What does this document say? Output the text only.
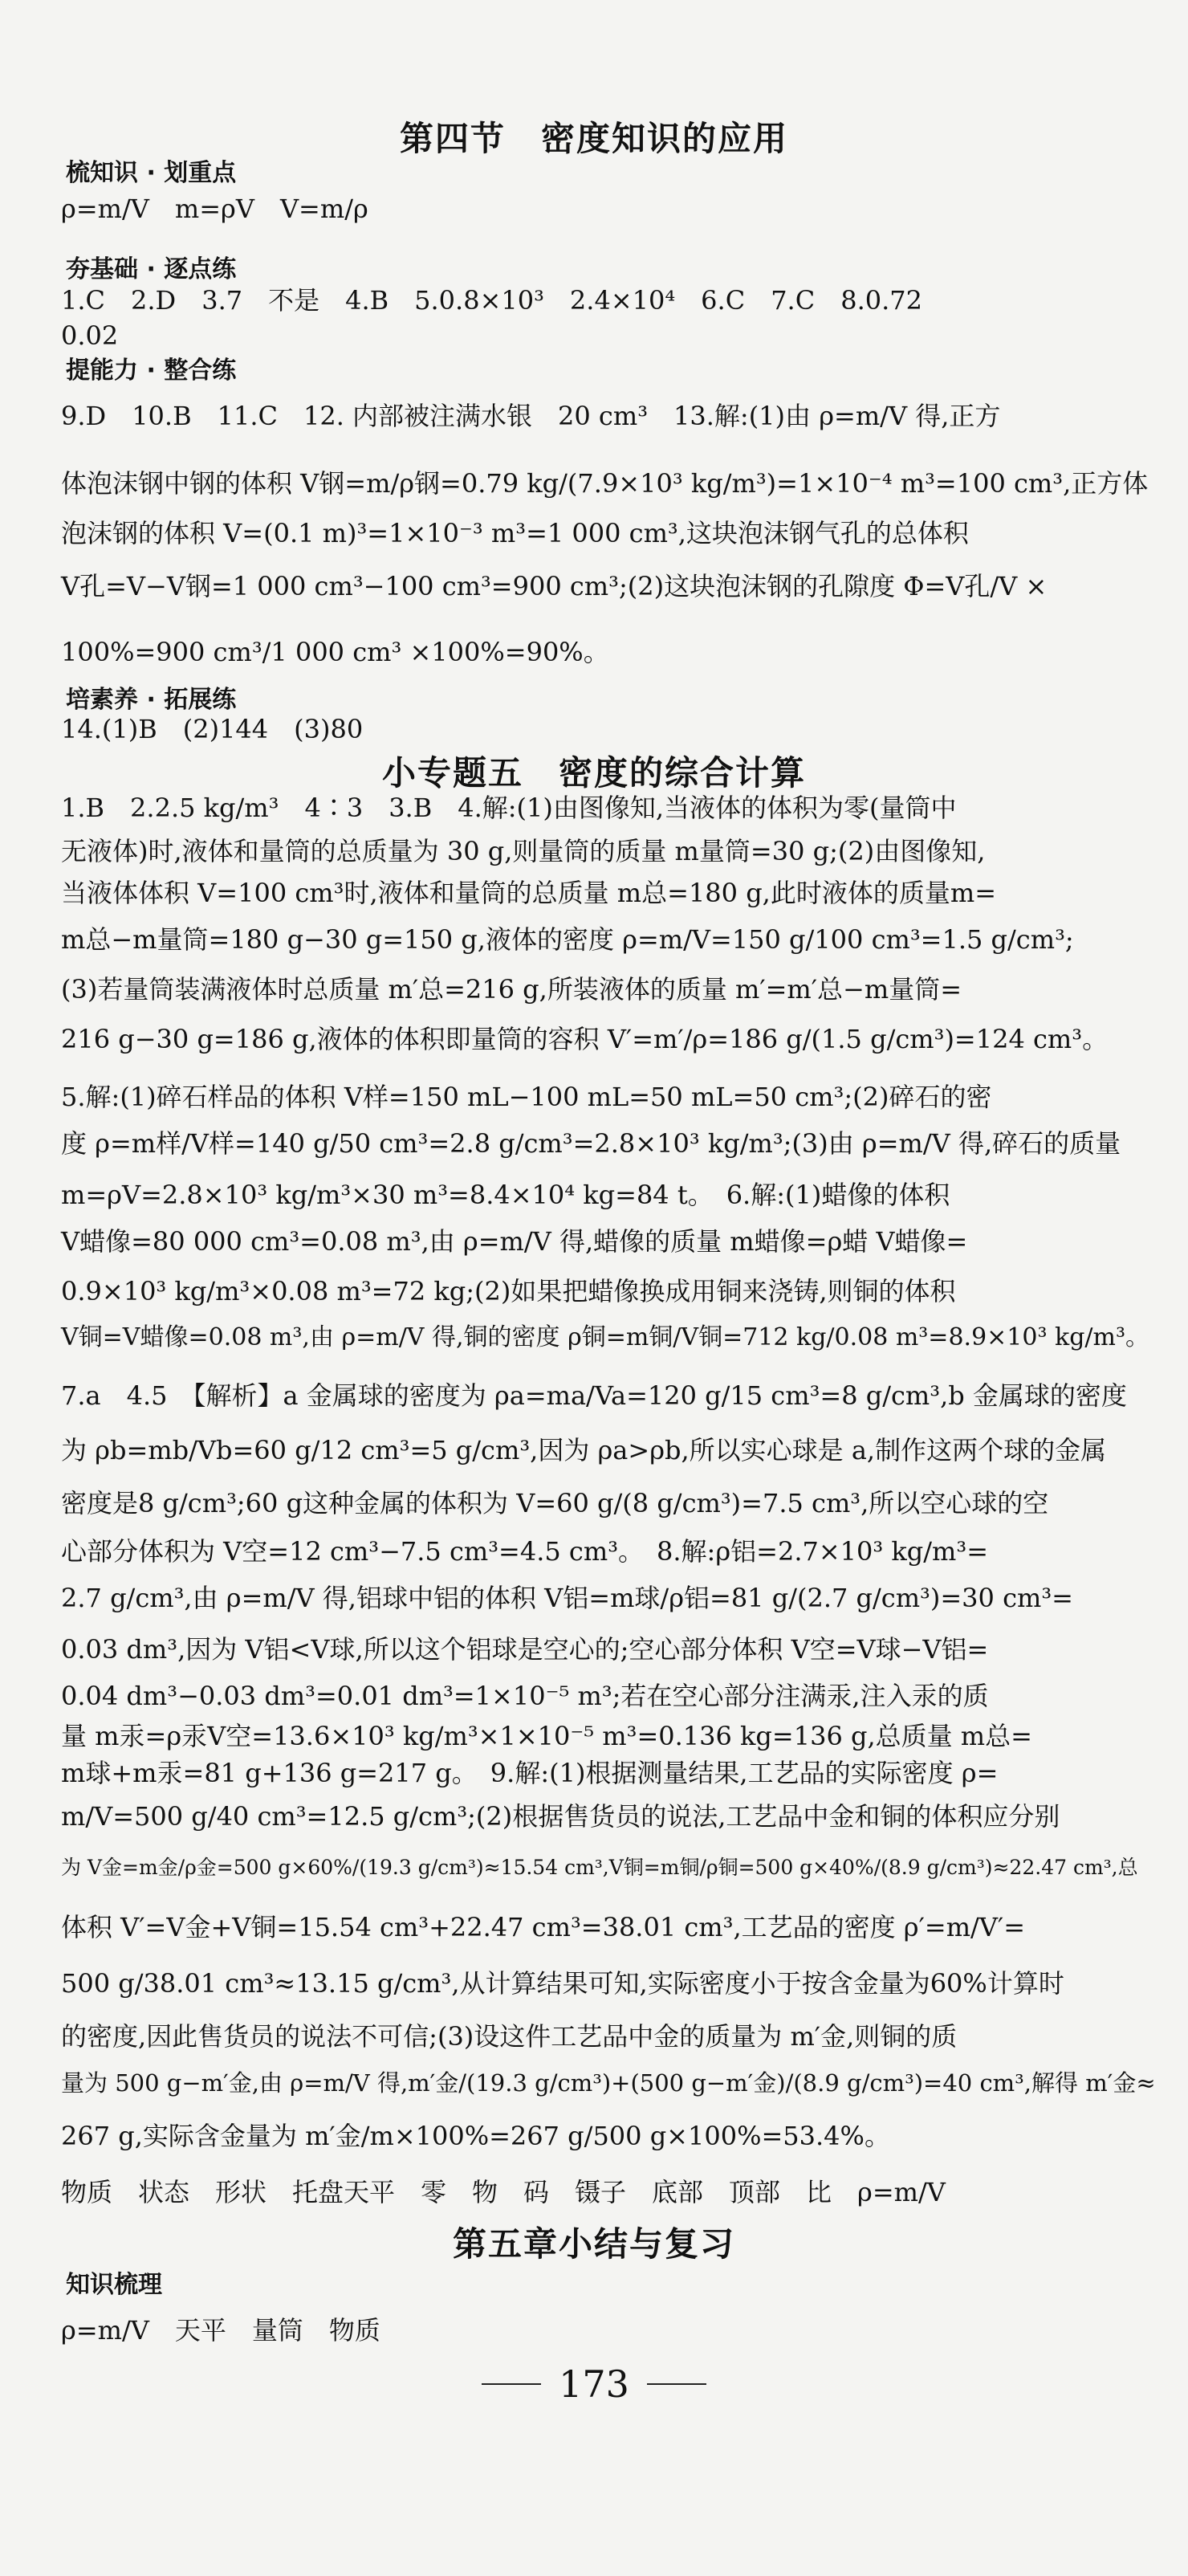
第四节　密度知识的应用
梳知识 · 划重点
ρ=m/V　m=ρV　V=m/ρ
夯基础 · 逐点练
1.C　2.D　3.7　不是　4.B　5.0.8×10³　2.4×10⁴　6.C　7.C　8.0.72
0.02
提能力 · 整合练
9.D　10.B　11.C　12. 内部被注满水银　20 cm³　13.解:(1)由 ρ=m/V 得,正方
体泡沫钢中钢的体积 V钢=m/ρ钢=0.79 kg/(7.9×10³ kg/m³)=1×10⁻⁴ m³=100 cm³,正方体
泡沫钢的体积 V=(0.1 m)³=1×10⁻³ m³=1 000 cm³,这块泡沫钢气孔的总体积
V孔=V−V钢=1 000 cm³−100 cm³=900 cm³;(2)这块泡沫钢的孔隙度 Φ=V孔/V ×
100%=900 cm³/1 000 cm³ ×100%=90%。
培素养 · 拓展练
14.(1)B　(2)144　(3)80
小专题五　密度的综合计算
1.B　2.2.5 kg/m³　4∶3　3.B　4.解:(1)由图像知,当液体的体积为零(量筒中
无液体)时,液体和量筒的总质量为 30 g,则量筒的质量 m量筒=30 g;(2)由图像知,
当液体体积 V=100 cm³时,液体和量筒的总质量 m总=180 g,此时液体的质量m=
m总−m量筒=180 g−30 g=150 g,液体的密度 ρ=m/V=150 g/100 cm³=1.5 g/cm³;
(3)若量筒装满液体时总质量 m′总=216 g,所装液体的质量 m′=m′总−m量筒=
216 g−30 g=186 g,液体的体积即量筒的容积 V′=m′/ρ=186 g/(1.5 g/cm³)=124 cm³。
5.解:(1)碎石样品的体积 V样=150 mL−100 mL=50 mL=50 cm³;(2)碎石的密
度 ρ=m样/V样=140 g/50 cm³=2.8 g/cm³=2.8×10³ kg/m³;(3)由 ρ=m/V 得,碎石的质量
m=ρV=2.8×10³ kg/m³×30 m³=8.4×10⁴ kg=84 t。　6.解:(1)蜡像的体积
V蜡像=80 000 cm³=0.08 m³,由 ρ=m/V 得,蜡像的质量 m蜡像=ρ蜡 V蜡像=
0.9×10³ kg/m³×0.08 m³=72 kg;(2)如果把蜡像换成用铜来浇铸,则铜的体积
V铜=V蜡像=0.08 m³,由 ρ=m/V 得,铜的密度 ρ铜=m铜/V铜=712 kg/0.08 m³=8.9×10³ kg/m³。
7.a　4.5　【解析】a 金属球的密度为 ρa=ma/Va=120 g/15 cm³=8 g/cm³,b 金属球的密度
为 ρb=mb/Vb=60 g/12 cm³=5 g/cm³,因为 ρa>ρb,所以实心球是 a,制作这两个球的金属
密度是8 g/cm³;60 g这种金属的体积为 V=60 g/(8 g/cm³)=7.5 cm³,所以空心球的空
心部分体积为 V空=12 cm³−7.5 cm³=4.5 cm³。　8.解:ρ铝=2.7×10³ kg/m³=
2.7 g/cm³,由 ρ=m/V 得,铝球中铝的体积 V铝=m球/ρ铝=81 g/(2.7 g/cm³)=30 cm³=
0.03 dm³,因为 V铝<V球,所以这个铝球是空心的;空心部分体积 V空=V球−V铝=
0.04 dm³−0.03 dm³=0.01 dm³=1×10⁻⁵ m³;若在空心部分注满汞,注入汞的质
量 m汞=ρ汞V空=13.6×10³ kg/m³×1×10⁻⁵ m³=0.136 kg=136 g,总质量 m总=
m球+m汞=81 g+136 g=217 g。　9.解:(1)根据测量结果,工艺品的实际密度 ρ=
m/V=500 g/40 cm³=12.5 g/cm³;(2)根据售货员的说法,工艺品中金和铜的体积应分别
为 V金=m金/ρ金=500 g×60%/(19.3 g/cm³)≈15.54 cm³,V铜=m铜/ρ铜=500 g×40%/(8.9 g/cm³)≈22.47 cm³,总
体积 V′=V金+V铜=15.54 cm³+22.47 cm³=38.01 cm³,工艺品的密度 ρ′=m/V′=
500 g/38.01 cm³≈13.15 g/cm³,从计算结果可知,实际密度小于按含金量为60%计算时
的密度,因此售货员的说法不可信;(3)设这件工艺品中金的质量为 m′金,则铜的质
量为 500 g−m′金,由 ρ=m/V 得,m′金/(19.3 g/cm³)+(500 g−m′金)/(8.9 g/cm³)=40 cm³,解得 m′金≈
267 g,实际含金量为 m′金/m×100%=267 g/500 g×100%=53.4%。
物质　状态　形状　托盘天平　零　物　码　镊子　底部　顶部　比　ρ=m/V
第五章小结与复习
知识梳理
ρ=m/V　天平　量筒　物质
173
